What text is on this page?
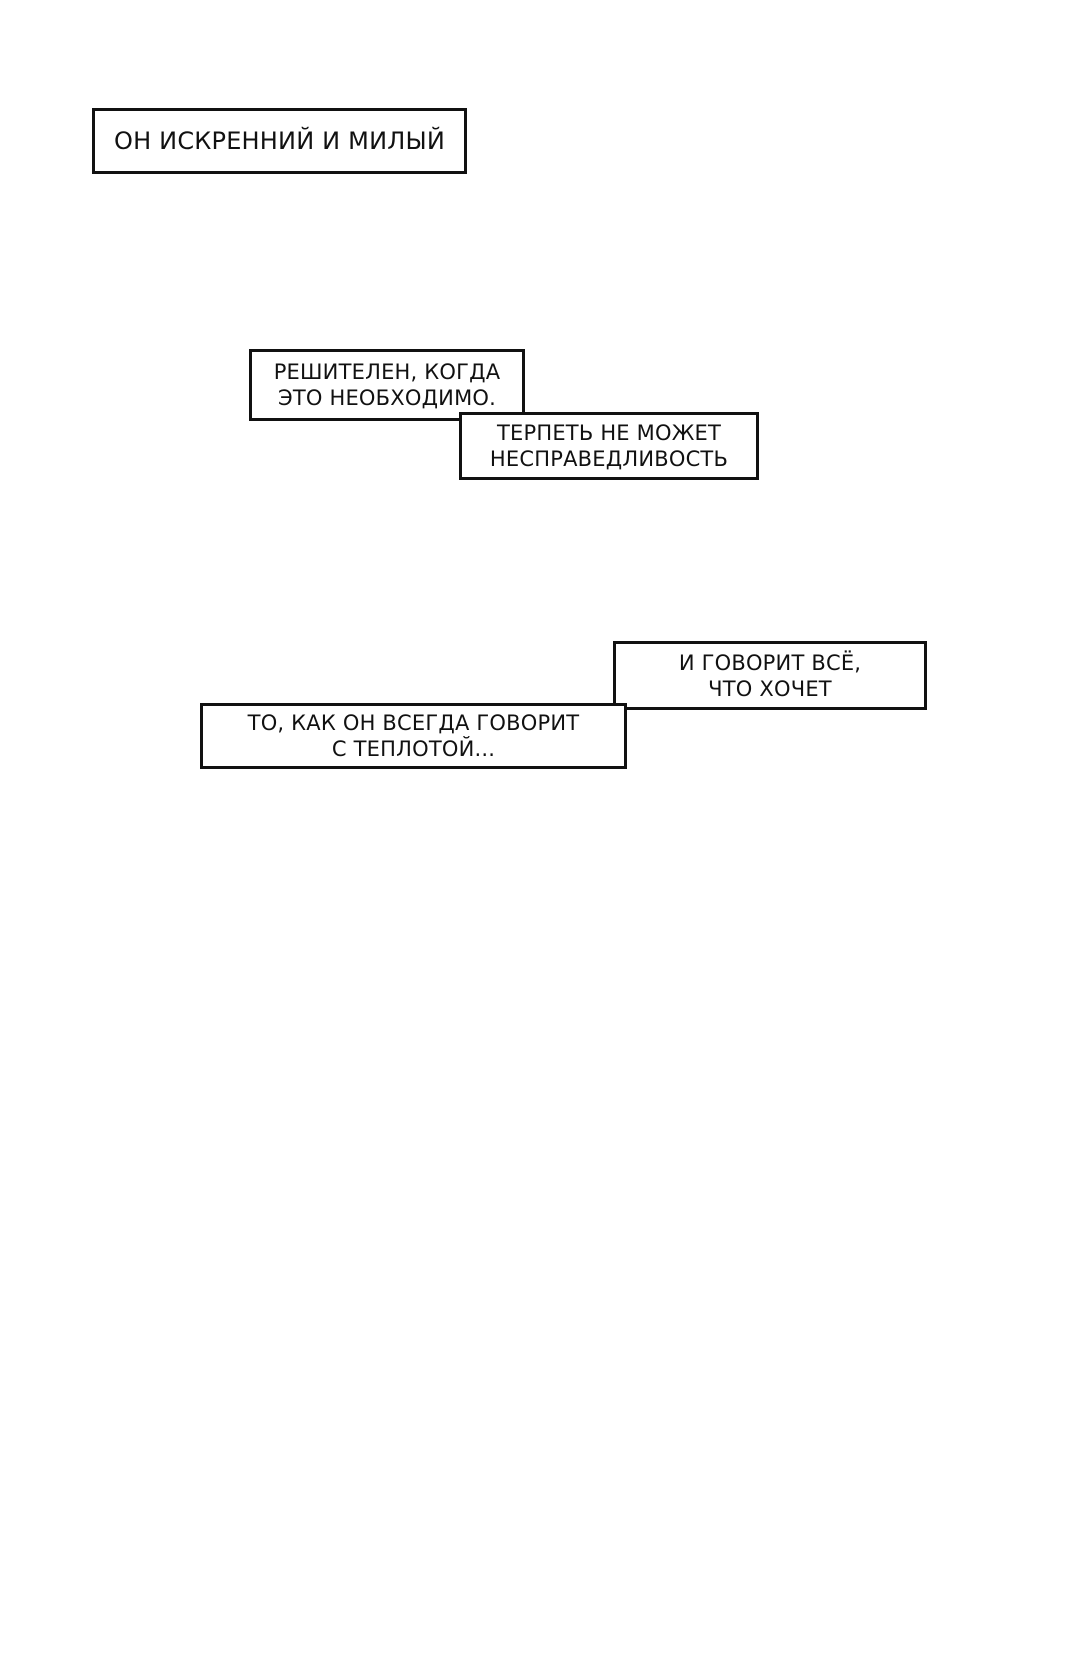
ОН ИСКРЕННИЙ И МИЛЫЙ
РЕШИТЕЛЕН, КОГДА
ЭТО НЕОБХОДИМО.
ТЕРПЕТЬ НЕ МОЖЕТ
НЕСПРАВЕДЛИВОСТЬ
И ГОВОРИТ ВСЁ,
ЧТО ХОЧЕТ
ТО, КАК ОН ВСЕГДА ГОВОРИТ
С ТЕПЛОТОЙ...
